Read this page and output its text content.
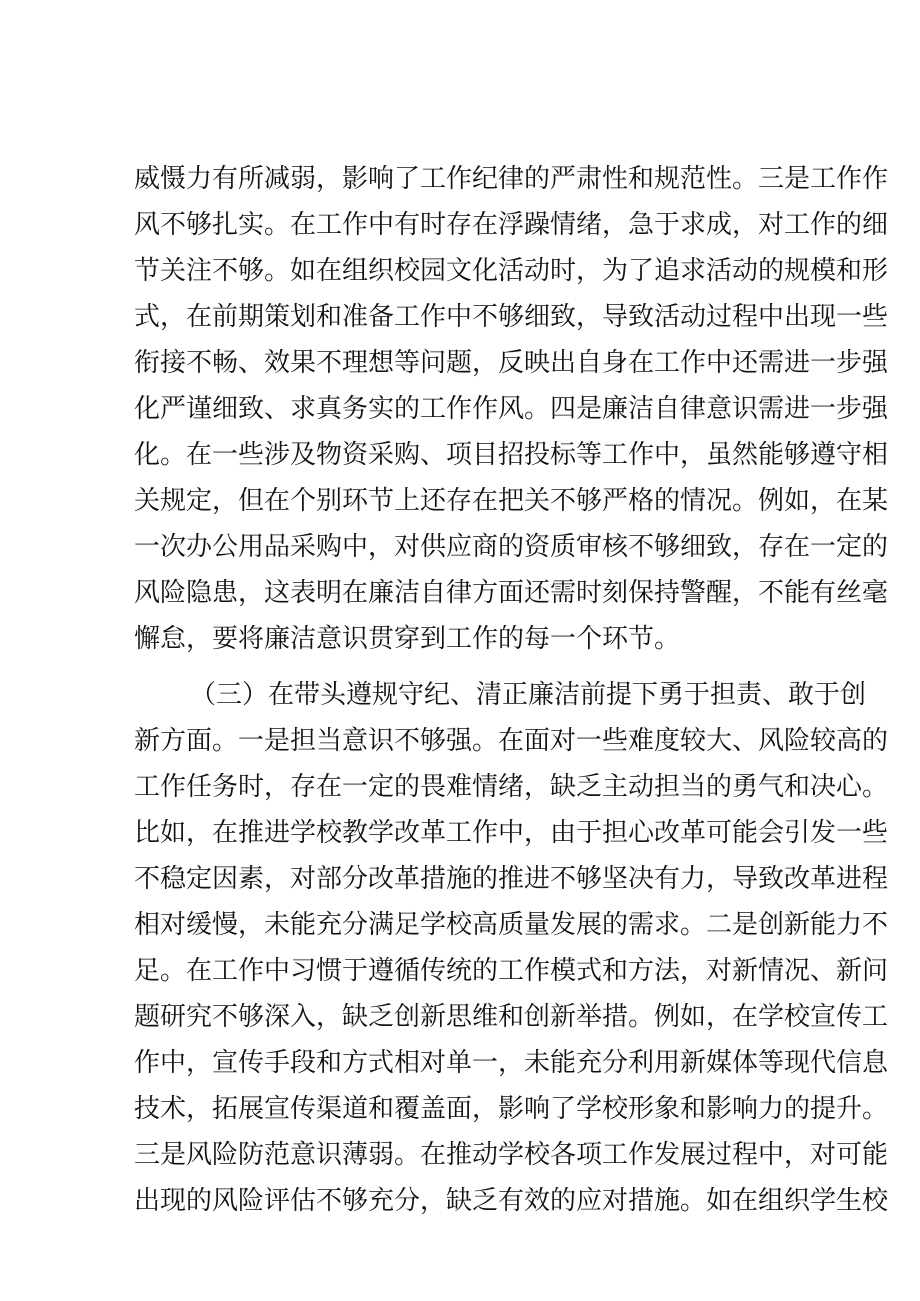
威慑力有所减弱，影响了工作纪律的严肃性和规范性。三是工作作
风不够扎实。在工作中有时存在浮躁情绪，急于求成，对工作的细
节关注不够。如在组织校园文化活动时，为了追求活动的规模和形
式，在前期策划和准备工作中不够细致，导致活动过程中出现一些
衔接不畅、效果不理想等问题，反映出自身在工作中还需进一步强
化严谨细致、求真务实的工作作风。四是廉洁自律意识需进一步强
化。在一些涉及物资采购、项目招投标等工作中，虽然能够遵守相
关规定，但在个别环节上还存在把关不够严格的情况。例如，在某
一次办公用品采购中，对供应商的资质审核不够细致，存在一定的
风险隐患，这表明在廉洁自律方面还需时刻保持警醒，不能有丝毫
懈怠，要将廉洁意识贯穿到工作的每一个环节。
（三）在带头遵规守纪、清正廉洁前提下勇于担责、敢于创
新方面。一是担当意识不够强。在面对一些难度较大、风险较高的
工作任务时，存在一定的畏难情绪，缺乏主动担当的勇气和决心。
比如，在推进学校教学改革工作中，由于担心改革可能会引发一些
不稳定因素，对部分改革措施的推进不够坚决有力，导致改革进程
相对缓慢，未能充分满足学校高质量发展的需求。二是创新能力不
足。在工作中习惯于遵循传统的工作模式和方法，对新情况、新问
题研究不够深入，缺乏创新思维和创新举措。例如，在学校宣传工
作中，宣传手段和方式相对单一，未能充分利用新媒体等现代信息
技术，拓展宣传渠道和覆盖面，影响了学校形象和影响力的提升。
三是风险防范意识薄弱。在推动学校各项工作发展过程中，对可能
出现的风险评估不够充分，缺乏有效的应对措施。如在组织学生校
